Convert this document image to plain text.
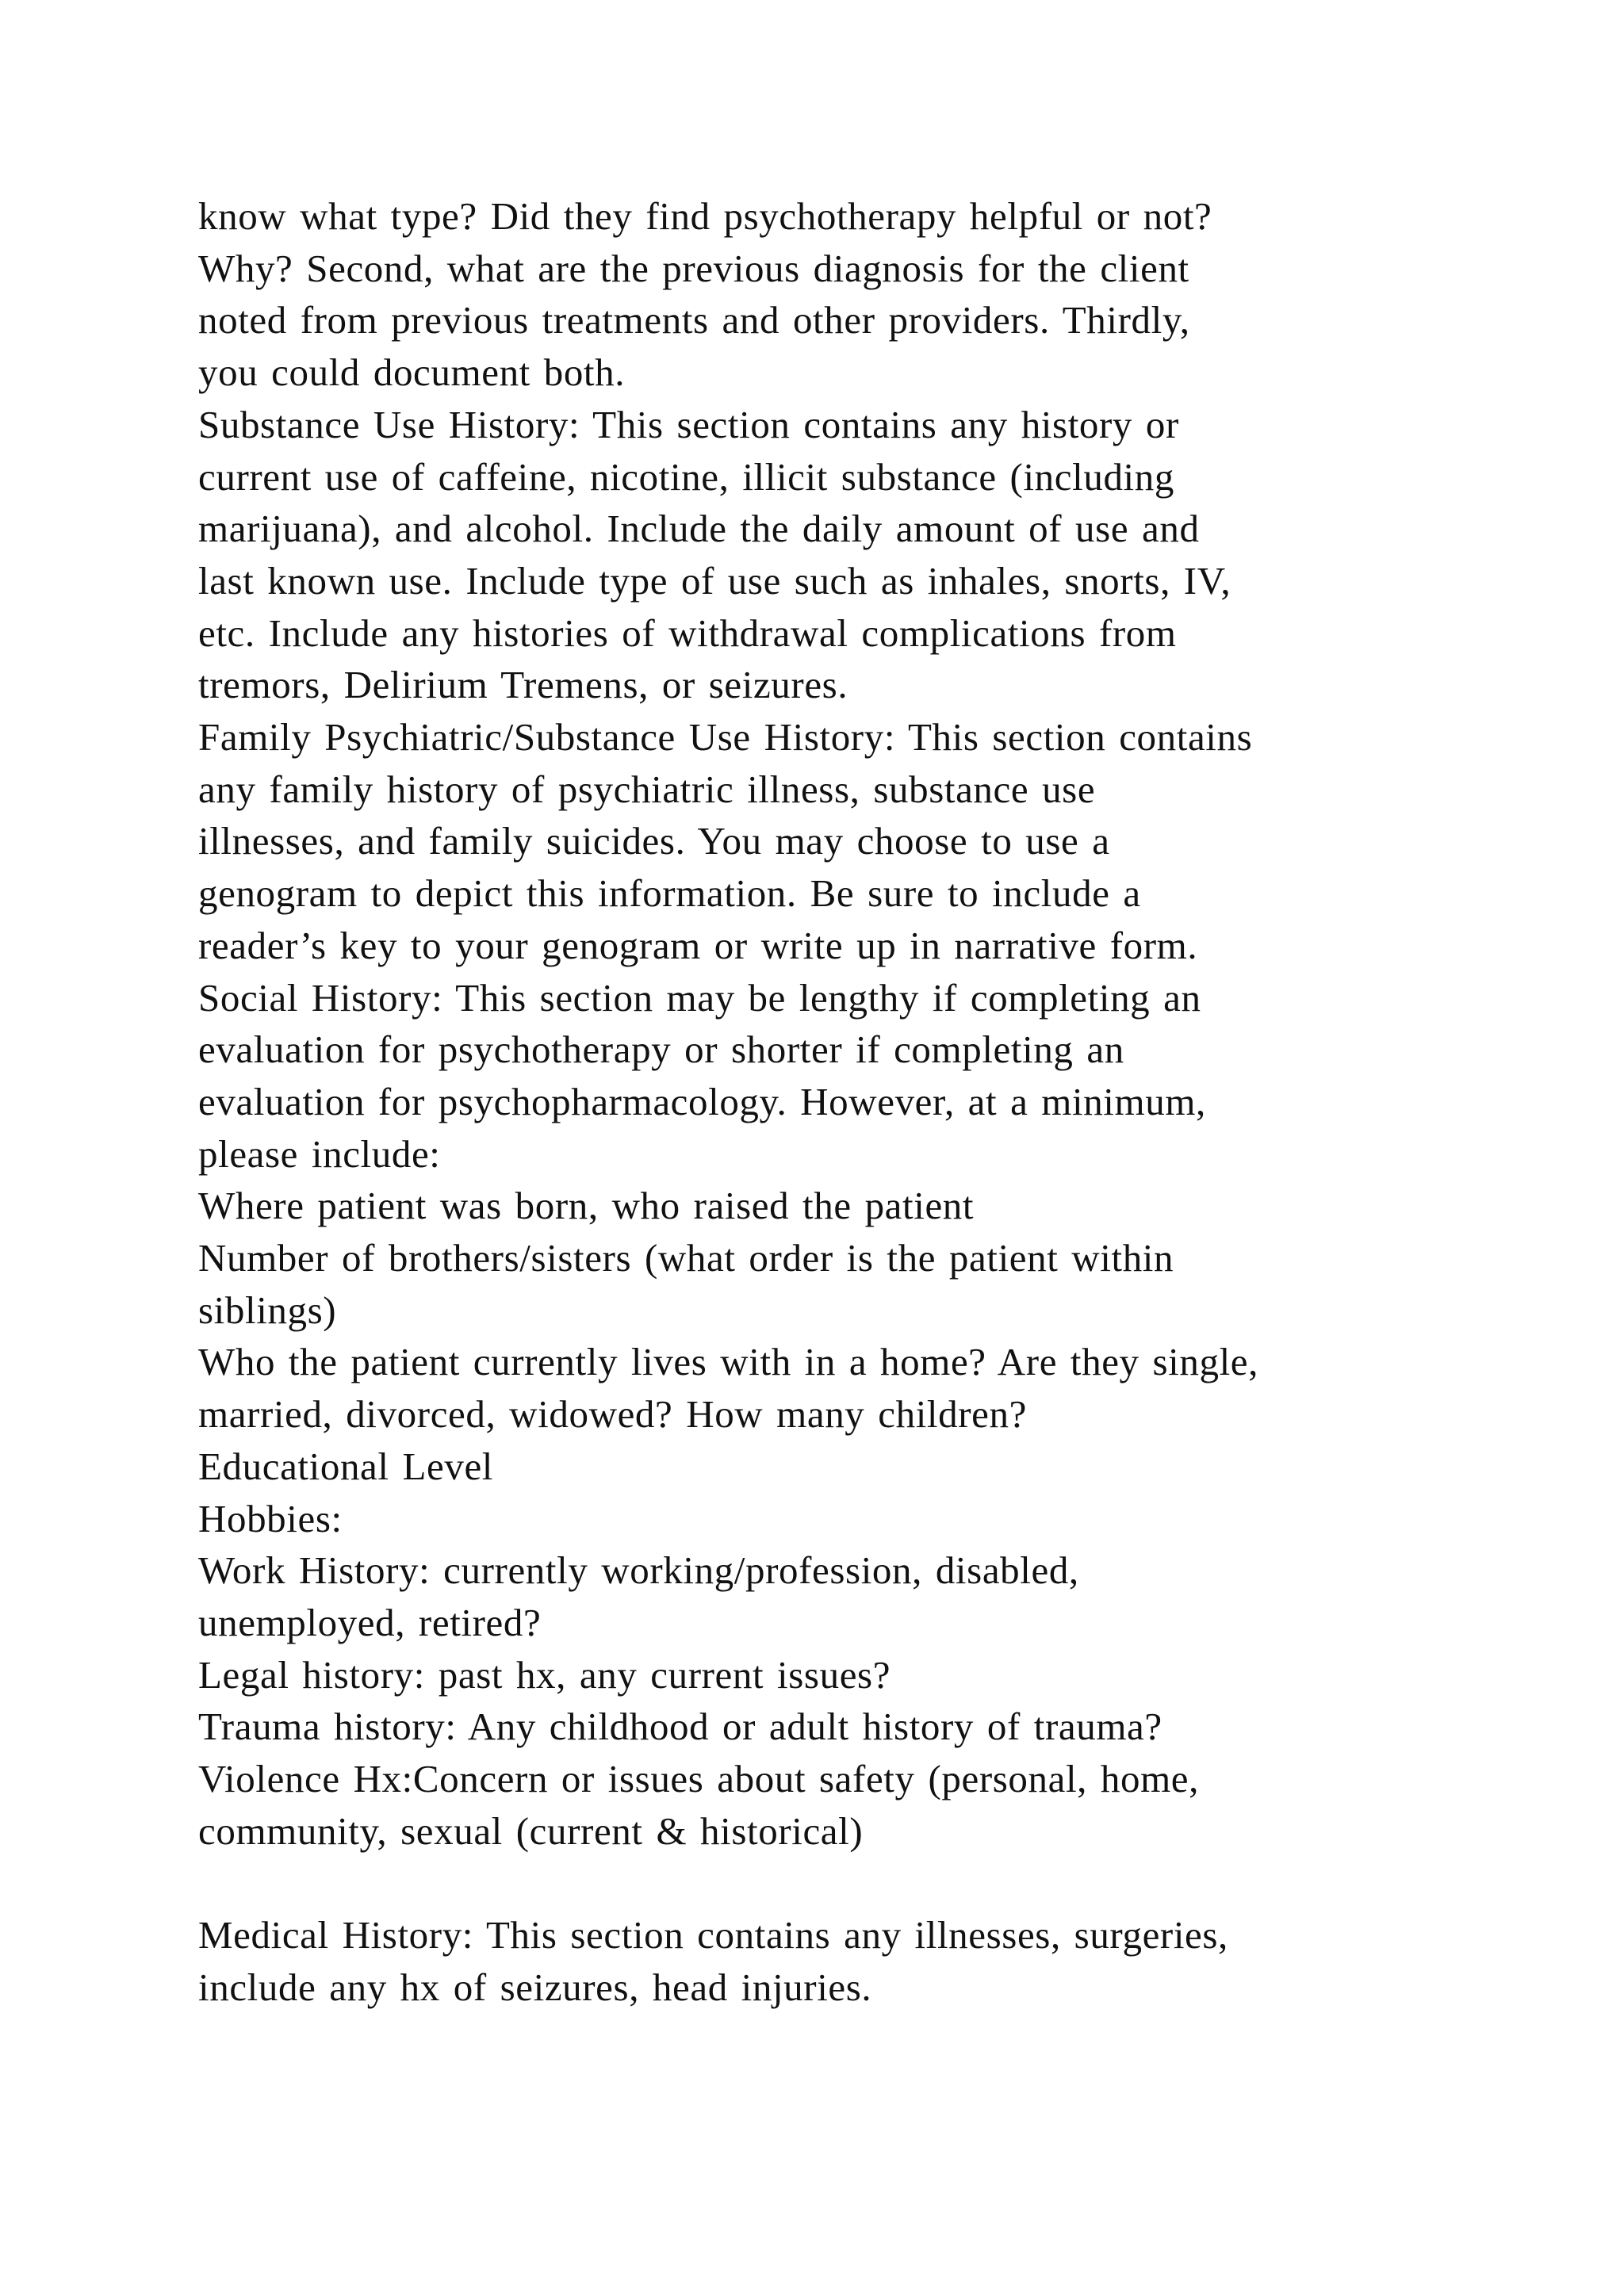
know what type? Did they find psychotherapy helpful or not?
Why? Second, what are the previous diagnosis for the client
noted from previous treatments and other providers. Thirdly,
you could document both.
Substance Use History: This section contains any history or
current use of caffeine, nicotine, illicit substance (including
marijuana), and alcohol. Include the daily amount of use and
last known use. Include type of use such as inhales, snorts, IV,
etc. Include any histories of withdrawal complications from
tremors, Delirium Tremens, or seizures.
Family Psychiatric/Substance Use History: This section contains
any family history of psychiatric illness, substance use
illnesses, and family suicides. You may choose to use a
genogram to depict this information. Be sure to include a
reader’s key to your genogram or write up in narrative form.
Social History: This section may be lengthy if completing an
evaluation for psychotherapy or shorter if completing an
evaluation for psychopharmacology. However, at a minimum,
please include:
Where patient was born, who raised the patient
Number of brothers/sisters (what order is the patient within
siblings)
Who the patient currently lives with in a home? Are they single,
married, divorced, widowed? How many children?
Educational Level
Hobbies:
Work History: currently working/profession, disabled,
unemployed, retired?
Legal history: past hx, any current issues?
Trauma history: Any childhood or adult history of trauma?
Violence Hx:Concern or issues about safety (personal, home,
community, sexual (current & historical)
Medical History: This section contains any illnesses, surgeries,
include any hx of seizures, head injuries.
